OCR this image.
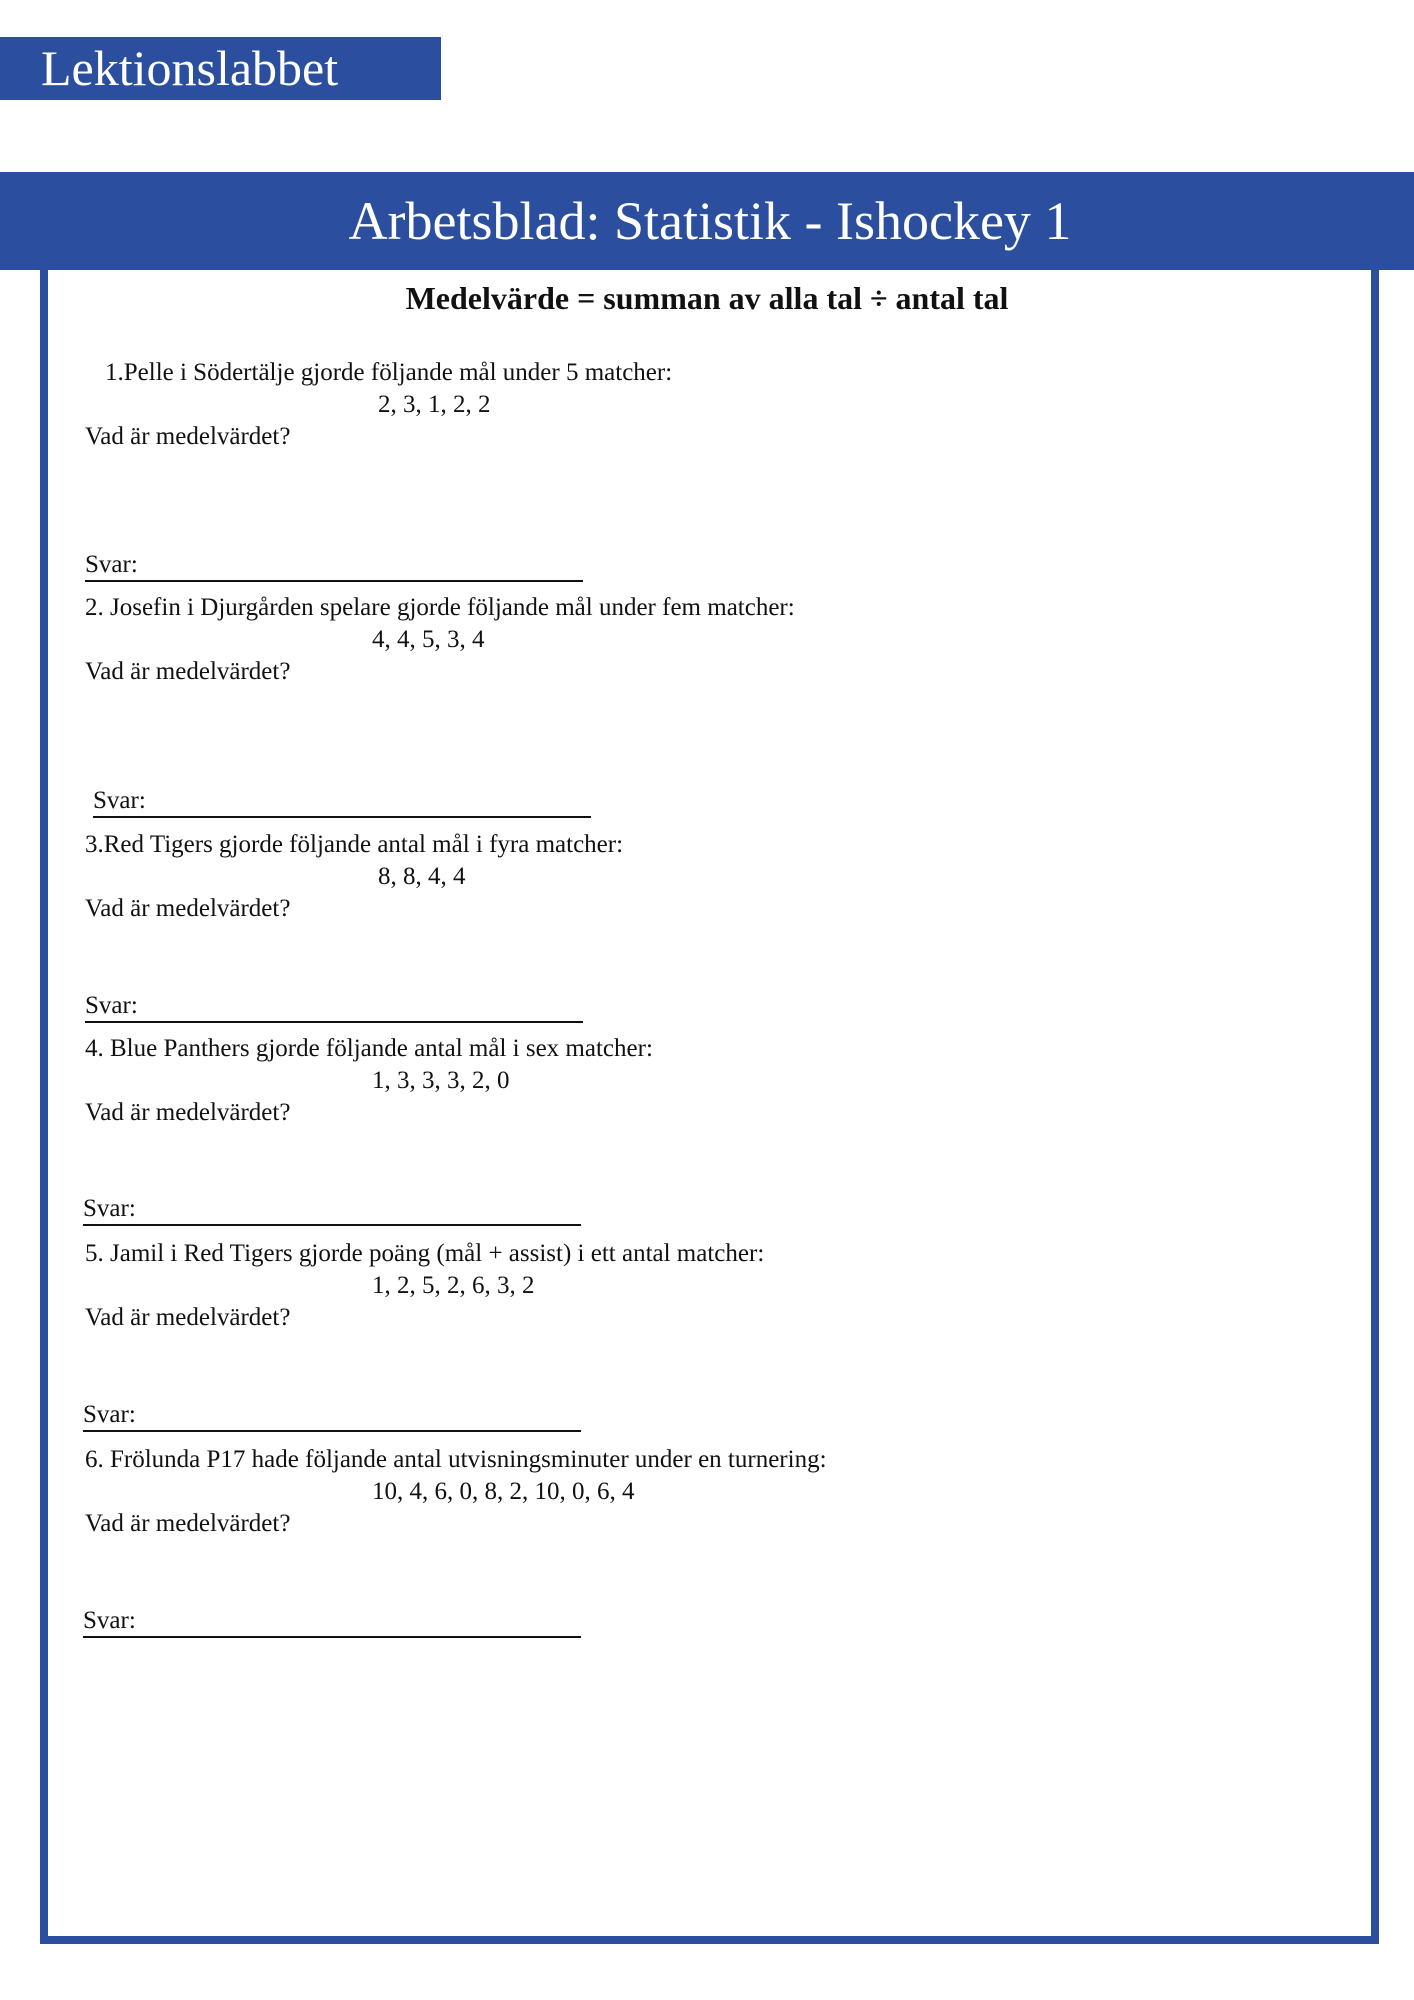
Lektionslabbet
Arbetsblad: Statistik - Ishockey 1
Medelvärde = summan av alla tal ÷ antal tal
1.Pelle i Södertälje gjorde följande mål under 5 matcher:
2, 3, 1, 2, 2
Vad är medelvärdet?
Svar:
2. Josefin i Djurgården spelare gjorde följande mål under fem matcher:
4, 4, 5, 3, 4
Vad är medelvärdet?
Svar:
3.Red Tigers gjorde följande antal mål i fyra matcher:
8, 8, 4, 4
Vad är medelvärdet?
Svar:
4. Blue Panthers gjorde följande antal mål i sex matcher:
1, 3, 3, 3, 2, 0
Vad är medelvärdet?
Svar:
5. Jamil i Red Tigers gjorde poäng (mål + assist) i ett antal matcher:
1, 2, 5, 2, 6, 3, 2
Vad är medelvärdet?
Svar:
6. Frölunda P17 hade följande antal utvisningsminuter under en turnering:
10, 4, 6, 0, 8, 2, 10, 0, 6, 4
Vad är medelvärdet?
Svar:
